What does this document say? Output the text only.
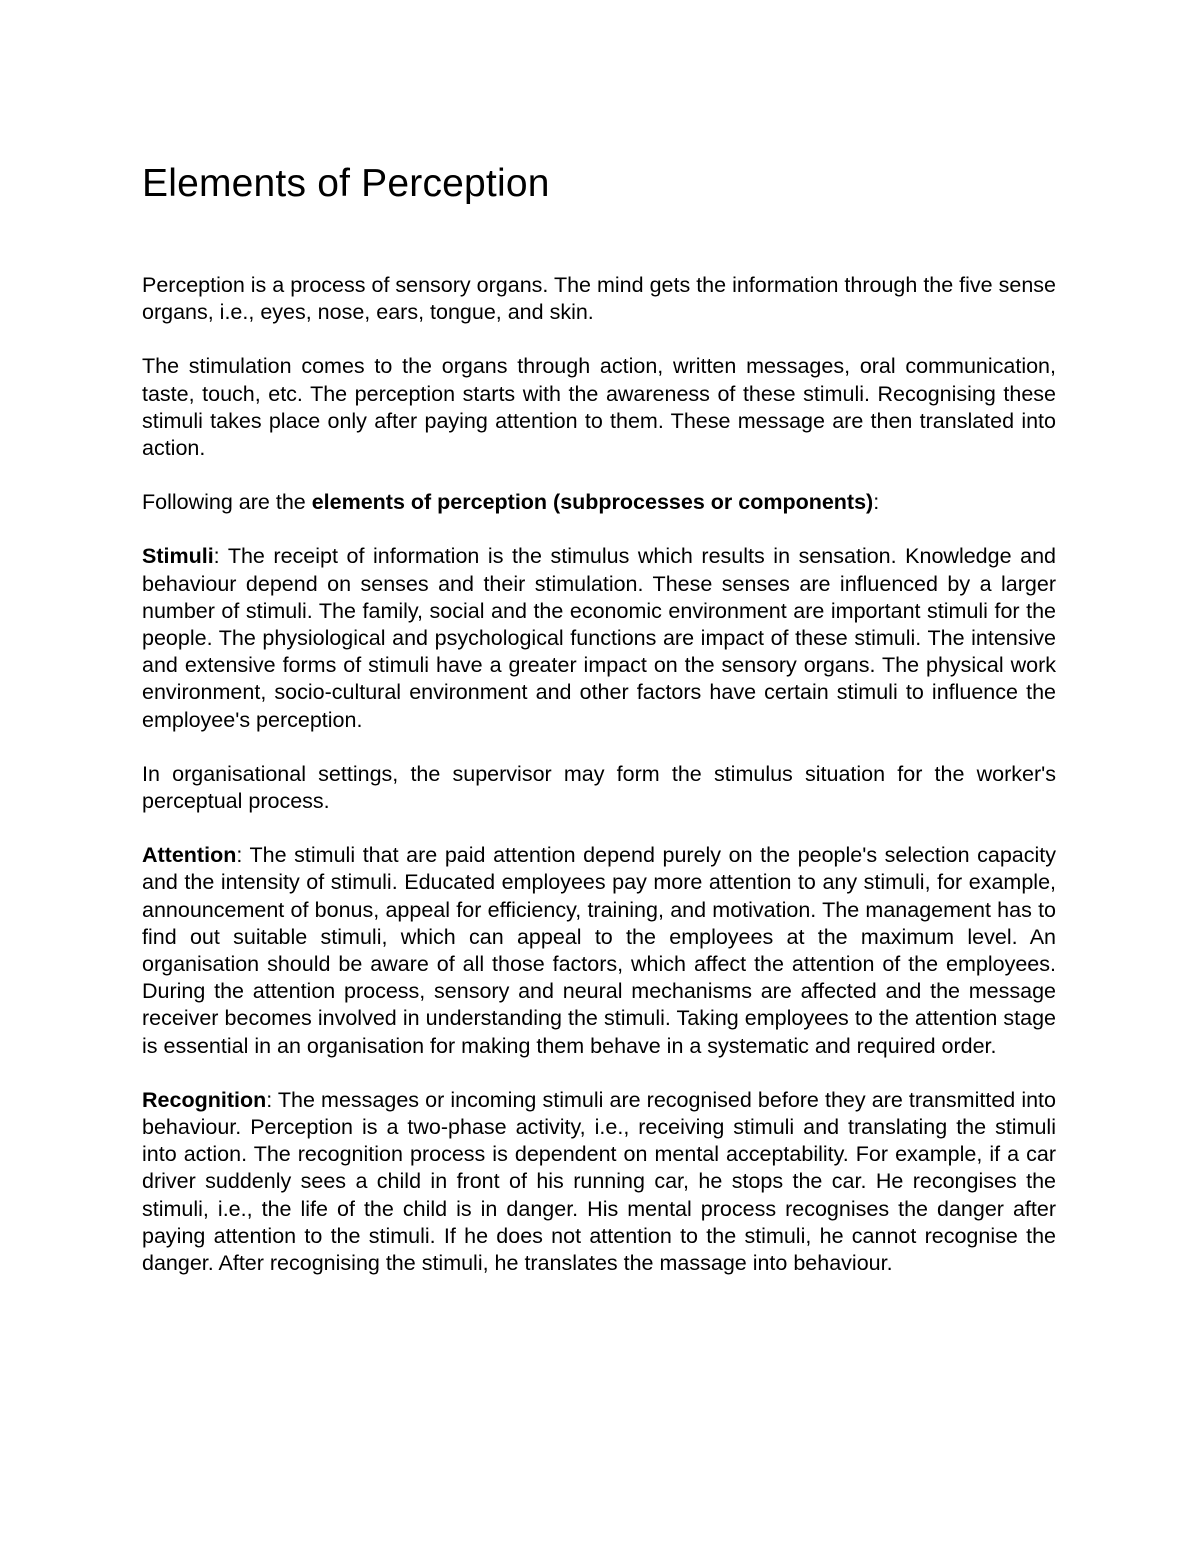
Elements of Perception

Perception is a process of sensory organs. The mind gets the information through the five sense organs, i.e., eyes, nose, ears, tongue, and skin.

The stimulation comes to the organs through action, written messages, oral communication, taste, touch, etc. The perception starts with the awareness of these stimuli. Recognising these stimuli takes place only after paying attention to them. These message are then translated into action.

Following are the elements of perception (subprocesses or components):

Stimuli: The receipt of information is the stimulus which results in sensation. Knowledge and behaviour depend on senses and their stimulation. These senses are influenced by a larger number of stimuli. The family, social and the economic environment are important stimuli for the people. The physiological and psychological functions are impact of these stimuli. The intensive and extensive forms of stimuli have a greater impact on the sensory organs. The physical work environment, socio-cultural environment and other factors have certain stimuli to influence the employee's perception.

In organisational settings, the supervisor may form the stimulus situation for the worker's perceptual process.

Attention: The stimuli that are paid attention depend purely on the people's selection capacity and the intensity of stimuli. Educated employees pay more attention to any stimuli, for example, announcement of bonus, appeal for efficiency, training, and motivation. The management has to find out suitable stimuli, which can appeal to the employees at the maximum level. An organisation should be aware of all those factors, which affect the attention of the employees. During the attention process, sensory and neural mechanisms are affected and the message receiver becomes involved in understanding the stimuli. Taking employees to the attention stage is essential in an organisation for making them behave in a systematic and required order.

Recognition: The messages or incoming stimuli are recognised before they are transmitted into behaviour. Perception is a two-phase activity, i.e., receiving stimuli and translating the stimuli into action. The recognition process is dependent on mental acceptability. For example, if a car driver suddenly sees a child in front of his running car, he stops the car. He recongises the stimuli, i.e., the life of the child is in danger. His mental process recognises the danger after paying attention to the stimuli. If he does not attention to the stimuli, he cannot recognise the danger. After recognising the stimuli, he translates the massage into behaviour.
